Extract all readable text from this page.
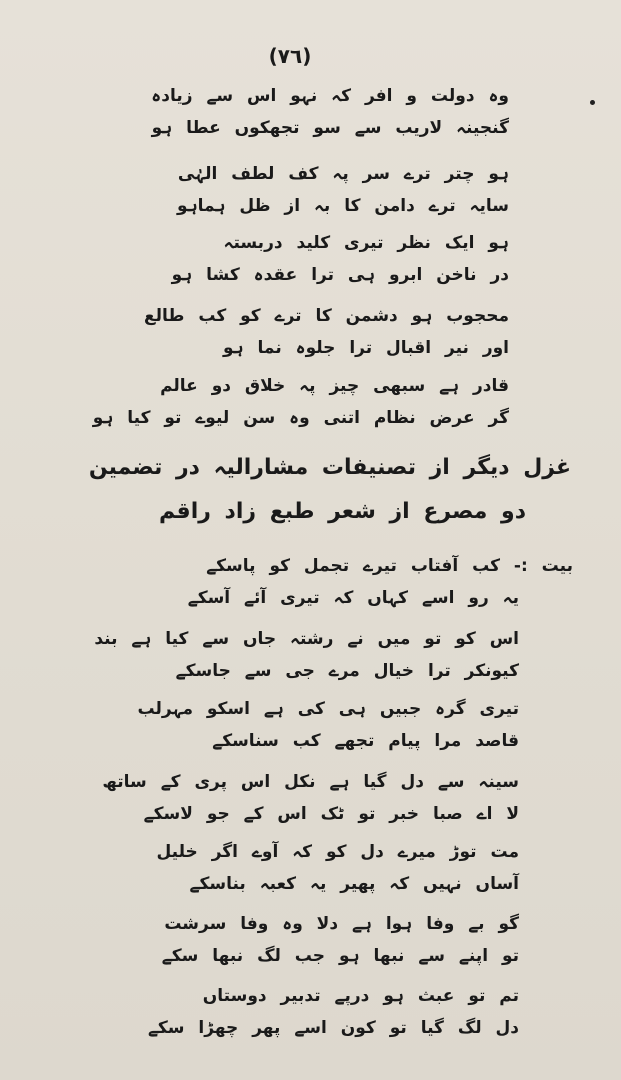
(۷٦)
وہ دولت و افر کہ نہو اس سے زیادہ
گنجینہ لاریب سے سو تجھکوں عطا ہو
ہو چتر ترے سر پہ کف لطف الہٰی
سایہ ترے دامن کا بہ از ظل ہماہو
ہو ایک نظر تیری کلید دربستہ
در ناخن ابرو ہی ترا عقدہ کشا ہو
محجوب ہو دشمن کا ترے کو کب طالع
اور نیر اقبال ترا جلوہ نما ہو
قادر ہے سبھی چیز پہ خلاق دو عالم
گر عرض نظام اتنی وہ سن لیوے تو کیا ہو
غزل دیگر از تصنیفات مشارالیہ در تضمین
دو مصرع از شعر طبع زاد راقم
بیت :- کب آفتاب تیرے تجمل کو پاسکے
یہ رو اسے کہاں کہ تیری آئے آسکے
اس کو تو میں نے رشتہ جاں سے کیا ہے بند
کیونکر ترا خیال مرے جی سے جاسکے
تیری گرہ جبیں ہی کی ہے اسکو مہرلب
قاصد مرا پیام تجھے کب سناسکے
سینہ سے دل گیا ہے نکل اس پری کے ساتھ
لا اے صبا خبر تو ٹک اس کے جو لاسکے
مت توڑ میرے دل کو کہ آوے اگر خلیل
آساں نہیں کہ پھیر یہ کعبہ بناسکے
گو بے وفا ہوا ہے دلا وہ وفا سرشت
تو اپنے سے نبھا ہو جب لگ نبھا سکے
تم تو عبث ہو درپے تدبیر دوستاں
دل لگ گیا تو کون اسے پھر چھڑا سکے
